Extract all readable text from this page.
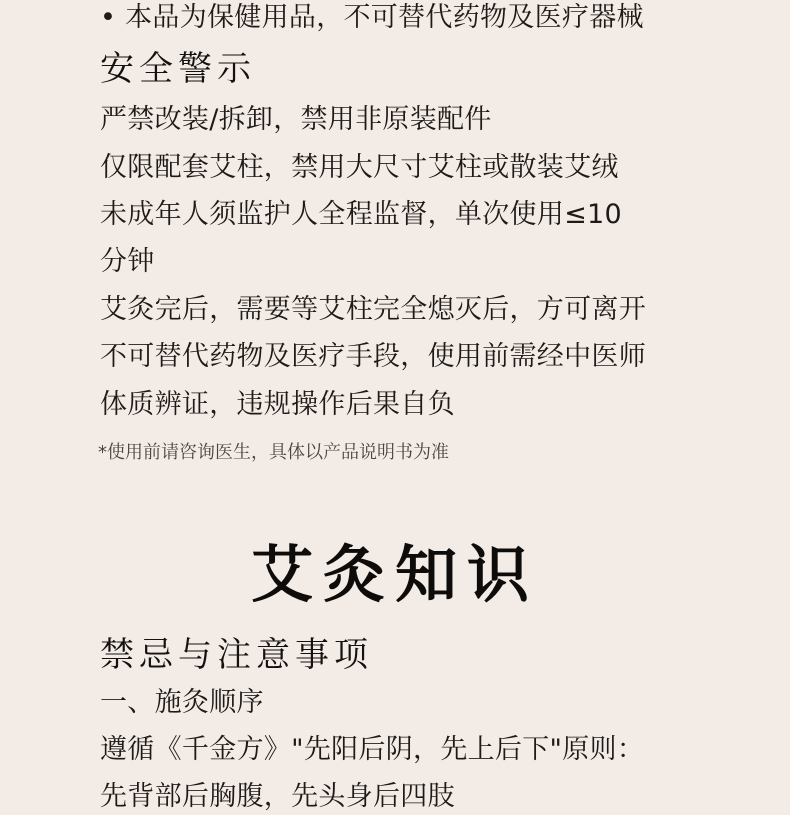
• 本品为保健用品，不可替代药物及医疗器械
安全警示
严禁改装/拆卸，禁用非原装配件
仅限配套艾柱，禁用大尺寸艾柱或散装艾绒
未成年人须监护人全程监督，单次使用≤10
分钟
艾灸完后，需要等艾柱完全熄灭后，方可离开
不可替代药物及医疗手段，使用前需经中医师
体质辨证，违规操作后果自负
*使用前请咨询医生，具体以产品说明书为准
禁忌与注意事项
一、施灸顺序
遵循《千金方》"先阳后阴，先上后下"原则：
先背部后胸腹，先头身后四肢
艾灸知识
